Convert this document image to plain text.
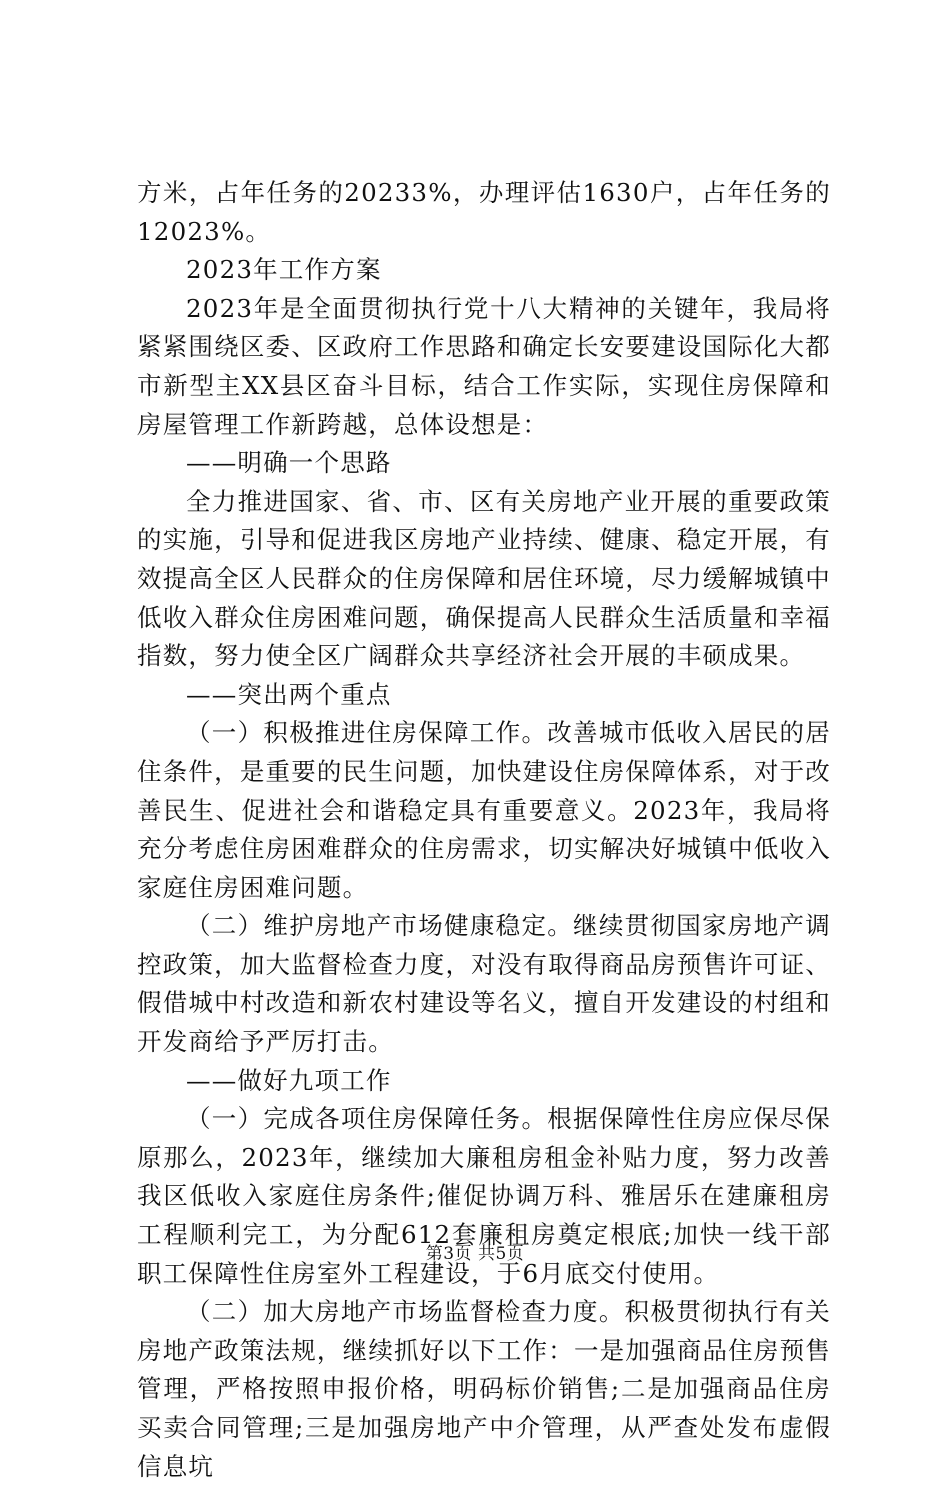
方米，占年任务的20233%，办理评估1630户，占年任务的12023%。

2023年工作方案

2023年是全面贯彻执行党十八大精神的关键年，我局将紧紧围绕区委、区政府工作思路和确定长安要建设国际化大都市新型主XX县区奋斗目标，结合工作实际，实现住房保障和房屋管理工作新跨越，总体设想是：

——明确一个思路

全力推进国家、省、市、区有关房地产业开展的重要政策的实施，引导和促进我区房地产业持续、健康、稳定开展，有效提高全区人民群众的住房保障和居住环境，尽力缓解城镇中低收入群众住房困难问题，确保提高人民群众生活质量和幸福指数，努力使全区广阔群众共享经济社会开展的丰硕成果。

——突出两个重点

（一）积极推进住房保障工作。改善城市低收入居民的居住条件，是重要的民生问题，加快建设住房保障体系，对于改善民生、促进社会和谐稳定具有重要意义。2023年，我局将充分考虑住房困难群众的住房需求，切实解决好城镇中低收入家庭住房困难问题。

（二）维护房地产市场健康稳定。继续贯彻国家房地产调控政策，加大监督检查力度，对没有取得商品房预售许可证、假借城中村改造和新农村建设等名义，擅自开发建设的村组和开发商给予严厉打击。

——做好九项工作

（一）完成各项住房保障任务。根据保障性住房应保尽保原那么，2023年，继续加大廉租房租金补贴力度，努力改善我区低收入家庭住房条件;催促协调万科、雅居乐在建廉租房工程顺利完工，为分配612套廉租房奠定根底;加快一线干部职工保障性住房室外工程建设，于6月底交付使用。

（二）加大房地产市场监督检查力度。积极贯彻执行有关房地产政策法规，继续抓好以下工作：一是加强商品住房预售管理，严格按照申报价格，明码标价销售;二是加强商品住房买卖合同管理;三是加强房地产中介管理，从严查处发布虚假信息坑

第3页 共5页
